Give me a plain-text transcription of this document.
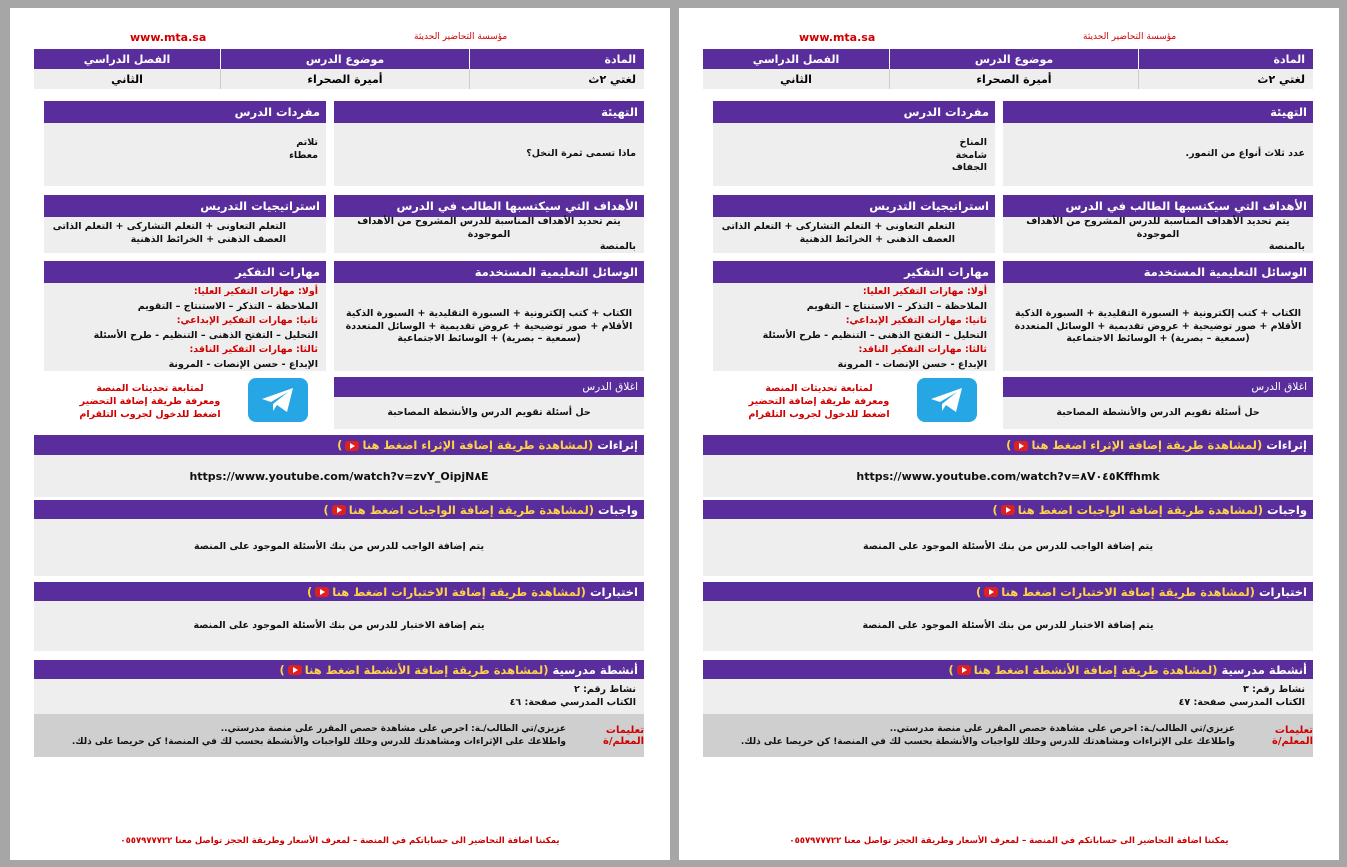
مؤسسة التحاضير الحديثة
www.mta.sa
المادة
موضوع الدرس
الفصل الدراسي
لغتي ٢ث
أميرة الصحراء
الثاني
التهيئة
ماذا تسمى ثمرة النخل؟
مفردات الدرس
تلاتم
معطاء
الأهداف التي سيكتسبها الطالب في الدرس
يتم تحديد الأهداف المناسبة للدرس المشروح من الأهداف الموجودة
بالمنصة
استراتيجيات التدريس
التعلم التعاونى + التعلم التشاركى + التعلم الذاتى
العصف الذهنى + الخرائط الذهنية
الوسائل التعليمية المستخدمة
الكتاب + كتب إلكترونية + السبورة التقليدية + السبورة الذكية
الأقلام + صور توضيحية + عروض تقديمية + الوسائل المتعددة
(سمعية – بصرية) + الوسائط الاجتماعية
مهارات التفكير
أولا: مهارات التفكير العليا:
الملاحظة – التذكر – الاستنتاج – التقويم
ثانيا: مهارات التفكير الإبداعي:
التحليل – التفتح الذهنى – التنظيم - طرح الأسئلة
ثالثا: مهارات التفكير الناقد:
الإبداع - حسن الإنصات - المرونة
اغلاق الدرس
حل أسئلة تقويم الدرس والأنشطة المصاحبة
لمتابعة تحديثات المنصة
ومعرفة طريقة إضافة التحضير
اضغط للدخول لجروب التلقرام
إثراءات

(لمشاهدة طريقة إضافة الإثراء اضغط هنا)
https://www.youtube.com/watch?v=zvY_OipjN٨E
واجبات

(لمشاهدة طريقة إضافة الواجبات اضغط هنا)
يتم إضافة الواجب للدرس من بنك الأسئلة الموجود على المنصة
اختبارات

(لمشاهدة طريقة إضافة الاختبارات اضغط هنا)
يتم إضافة الاختبار للدرس من بنك الأسئلة الموجود على المنصة
أنشطة مدرسية

(لمشاهدة طريقة إضافة الأنشطة اضغط هنا)
نشاط رقم: ٢
الكتاب المدرسي صفحة: ٤٦
تعليمات المعلم/ة
عزيزي/تي الطالب/ـة: احرص على مشاهدة حصص المقرر على منصة مدرستي..
واطلاعك على الإثراءات ومشاهدتك للدرس وحلك للواجبات والأنشطة بحسب لك في المنصة! كن حريصا على ذلك.
يمكننا اضافة التحاضير الى حساباتكم في المنصة – لمعرف الأسعار وطريقة الحجز تواصل معنا ٠٥٥٧٩٧٧٧٢٢
مؤسسة التحاضير الحديثة
www.mta.sa
المادة
موضوع الدرس
الفصل الدراسي
لغتي ٢ث
أميرة الصحراء
الثاني
التهيئة
عدد ثلاث أنواع من التمور.
مفردات الدرس
المناخ
شامخة
الجفاف
الأهداف التي سيكتسبها الطالب في الدرس
يتم تحديد الأهداف المناسبة للدرس المشروح من الأهداف الموجودة
بالمنصة
استراتيجيات التدريس
التعلم التعاونى + التعلم التشاركى + التعلم الذاتى
العصف الذهنى + الخرائط الذهنية
الوسائل التعليمية المستخدمة
الكتاب + كتب إلكترونية + السبورة التقليدية + السبورة الذكية
الأقلام + صور توضيحية + عروض تقديمية + الوسائل المتعددة
(سمعية – بصرية) + الوسائط الاجتماعية
مهارات التفكير
أولا: مهارات التفكير العليا:
الملاحظة – التذكر – الاستنتاج – التقويم
ثانيا: مهارات التفكير الإبداعي:
التحليل – التفتح الذهنى – التنظيم - طرح الأسئلة
ثالثا: مهارات التفكير الناقد:
الإبداع - حسن الإنصات - المرونة
اغلاق الدرس
حل أسئلة تقويم الدرس والأنشطة المصاحبة
لمتابعة تحديثات المنصة
ومعرفة طريقة إضافة التحضير
اضغط للدخول لجروب التلقرام
إثراءات

(لمشاهدة طريقة إضافة الإثراء اضغط هنا)
https://www.youtube.com/watch?v=٨V٠٤٥Kffhmk
واجبات

(لمشاهدة طريقة إضافة الواجبات اضغط هنا)
يتم إضافة الواجب للدرس من بنك الأسئلة الموجود على المنصة
اختبارات

(لمشاهدة طريقة إضافة الاختبارات اضغط هنا)
يتم إضافة الاختبار للدرس من بنك الأسئلة الموجود على المنصة
أنشطة مدرسية

(لمشاهدة طريقة إضافة الأنشطة اضغط هنا)
نشاط رقم: ٣
الكتاب المدرسي صفحة: ٤٧
تعليمات المعلم/ة
عزيزي/تي الطالب/ـة: احرص على مشاهدة حصص المقرر على منصة مدرستي..
واطلاعك على الإثراءات ومشاهدتك للدرس وحلك للواجبات والأنشطة بحسب لك في المنصة! كن حريصا على ذلك.
يمكننا اضافة التحاضير الى حساباتكم في المنصة – لمعرف الأسعار وطريقة الحجز تواصل معنا ٠٥٥٧٩٧٧٧٢٢
